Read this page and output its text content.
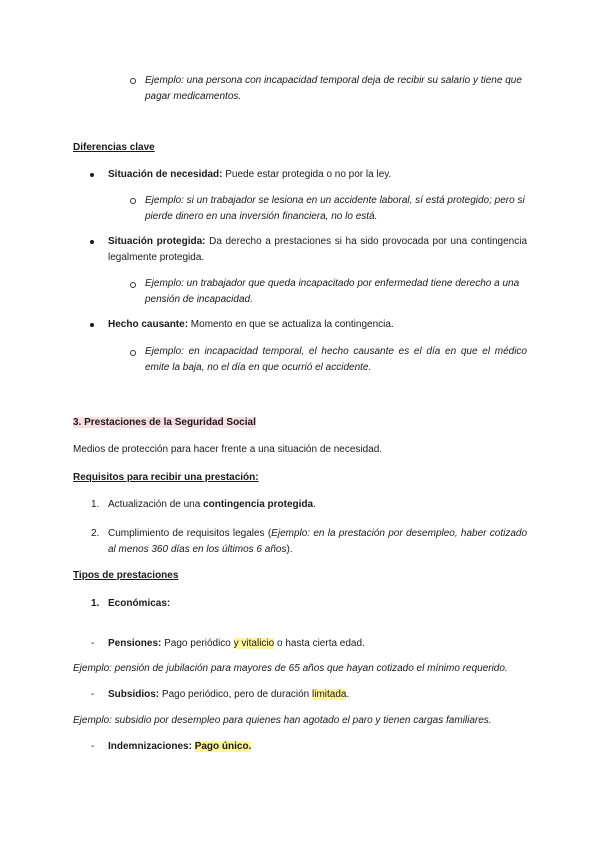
Ejemplo: una persona con incapacidad temporal deja de recibir su salario y tiene que
pagar medicamentos.
Diferencias clave
Situación de necesidad: Puede estar protegida o no por la ley.
Ejemplo: si un trabajador se lesiona en un accidente laboral, sí está protegido; pero si
pierde dinero en una inversión financiera, no lo está.
Situación protegida: Da derecho a prestaciones si ha sido provocada por una contingencia
legalmente protegida.
Ejemplo: un trabajador que queda incapacitado por enfermedad tiene derecho a una
pensión de incapacidad.
Hecho causante: Momento en que se actualiza la contingencia.
Ejemplo: en incapacidad temporal, el hecho causante es el día en que el médico
emite la baja, no el día en que ocurrió el accidente.
3. Prestaciones de la Seguridad Social
Medios de protección para hacer frente a una situación de necesidad.
Requisitos para recibir una prestación:
1. Actualización de una contingencia protegida.
2. Cumplimiento de requisitos legales (Ejemplo: en la prestación por desempleo, haber cotizado
al menos 360 días en los últimos 6 años).
Tipos de prestaciones
1. Económicas:
- Pensiones: Pago periódico y vitalicio o hasta cierta edad.
Ejemplo: pensión de jubilación para mayores de 65 años que hayan cotizado el mínimo requerido.
- Subsidios: Pago periódico, pero de duración limitada.
Ejemplo: subsidio por desempleo para quienes han agotado el paro y tienen cargas familiares.
- Indemnizaciones: Pago único.
